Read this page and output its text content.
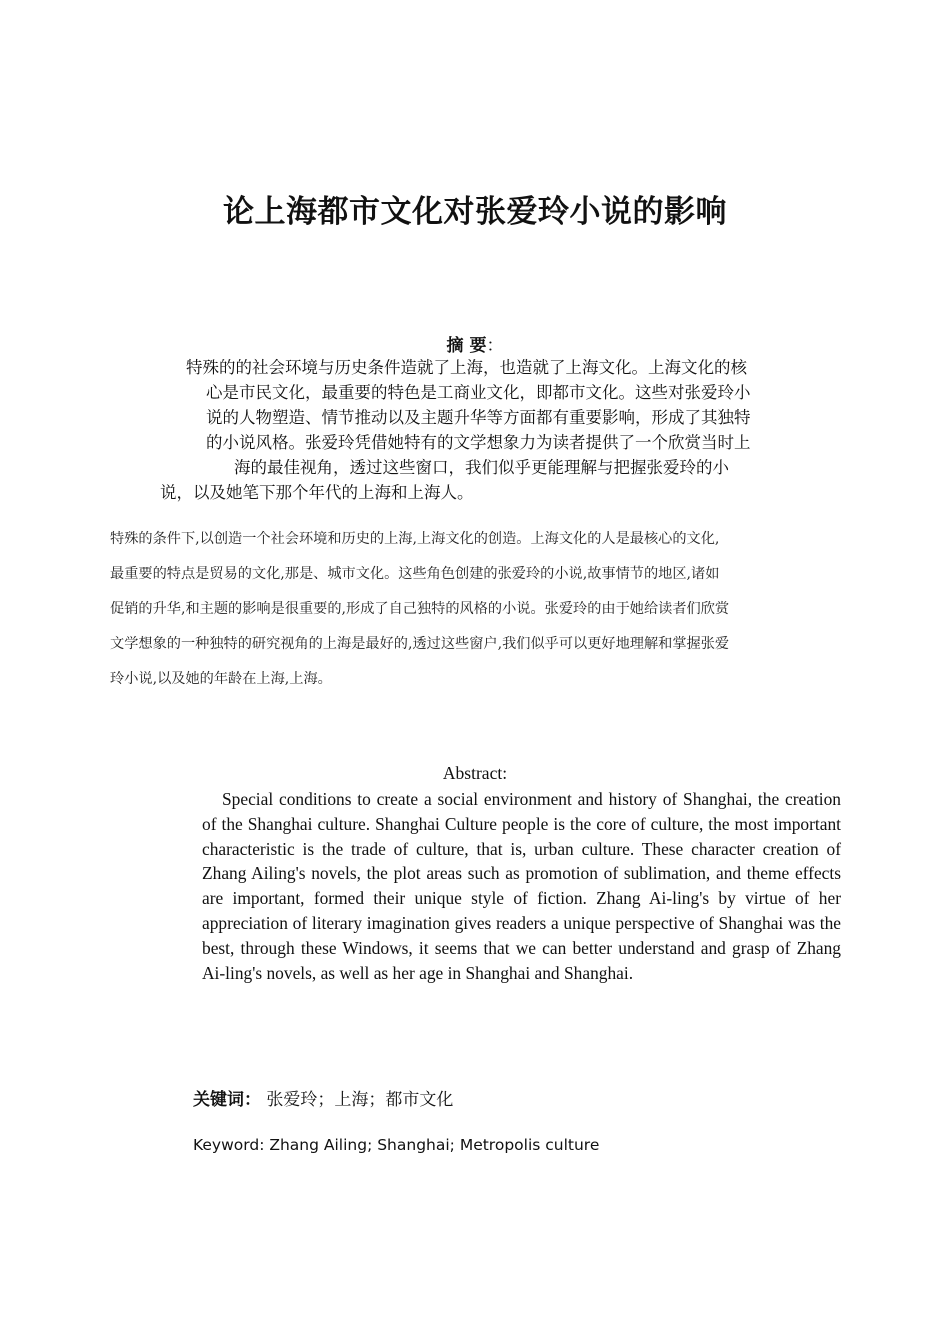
论上海都市文化对张爱玲小说的影响
摘 要：
特殊的的社会环境与历史条件造就了上海，也造就了上海文化。上海文化的核
心是市民文化，最重要的特色是工商业文化，即都市文化。这些对张爱玲小
说的人物塑造、情节推动以及主题升华等方面都有重要影响，形成了其独特
的小说风格。张爱玲凭借她特有的文学想象力为读者提供了一个欣赏当时上
海的最佳视角，透过这些窗口，我们似乎更能理解与把握张爱玲的小
说，以及她笔下那个年代的上海和上海人。
特殊的条件下,以创造一个社会环境和历史的上海,上海文化的创造。上海文化的人是最核心的文化,
最重要的特点是贸易的文化,那是、城市文化。这些角色创建的张爱玲的小说,故事情节的地区,诸如
促销的升华,和主题的影响是很重要的,形成了自己独特的风格的小说。张爱玲的由于她给读者们欣赏
文学想象的一种独特的研究视角的上海是最好的,透过这些窗户,我们似乎可以更好地理解和掌握张爱
玲小说,以及她的年龄在上海,上海。
Abstract:
Special conditions to create a social environment and history of Shanghai, the creation of the Shanghai culture. Shanghai Culture people is the core of culture, the most important characteristic is the trade of culture, that is, urban culture. These character creation of Zhang Ailing's novels, the plot areas such as promotion of sublimation, and theme effects are important, formed their unique style of fiction. Zhang Ai-ling's by virtue of her appreciation of literary imagination gives readers a unique perspective of Shanghai was the best, through these Windows, it seems that we can better understand and grasp of Zhang Ai-ling's novels, as well as her age in Shanghai and Shanghai.
关键词： 张爱玲；上海；都市文化
Keyword: Zhang Ailing; Shanghai; Metropolis culture
